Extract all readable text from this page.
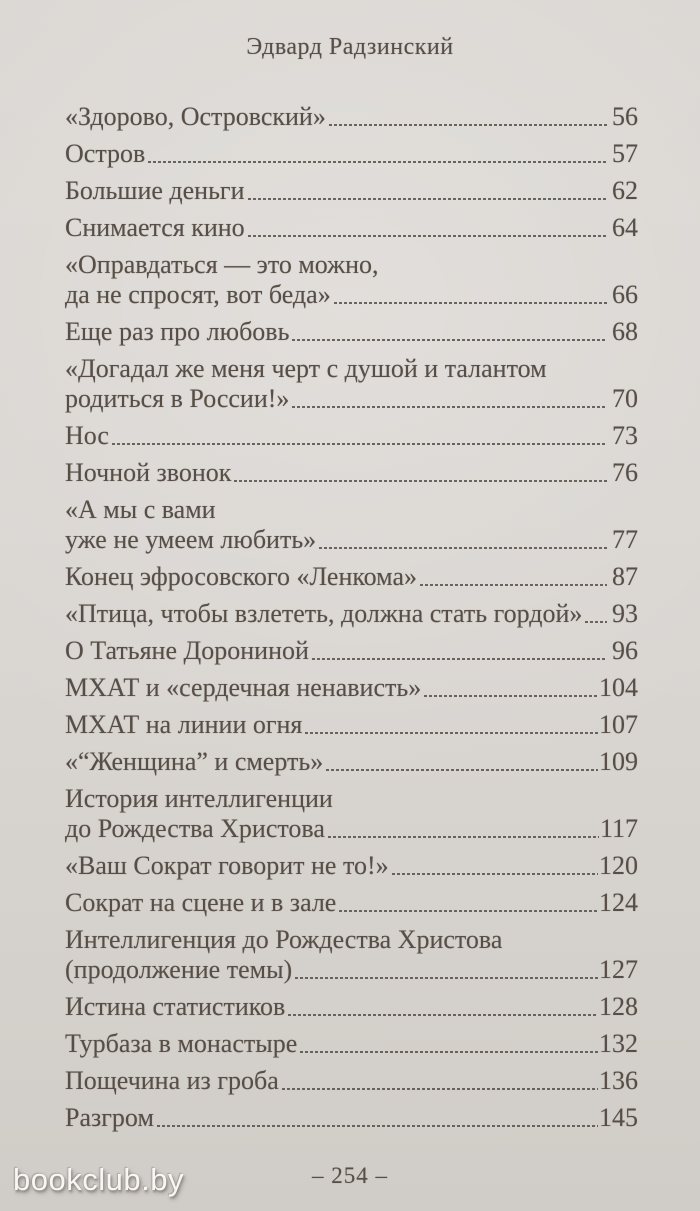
Эдвард Радзинский
«Здорово, Островский»	56
Остров	57
Большие деньги	62
Снимается кино	64
«Оправдаться — это можно,
да не спросят, вот беда»	66
Еще раз про любовь	68
«Догадал же меня черт с душой и талантом
родиться в России!»	70
Нос	73
Ночной звонок	76
«А мы с вами
уже не умеем любить»	77
Конец эфросовского «Ленкома»	87
«Птица, чтобы взлететь, должна стать гордой» 93
О Татьяне Дорониной	96
МХАТ и «сердечная ненависть»	104
МХАТ на линии огня	107
«“Женщина” и смерть»	109
История интеллигенции
до Рождества Христова	117
«Ваш Сократ говорит не то!»	120
Сократ на сцене и в зале	124
Интеллигенция до Рождества Христова
(продолжение темы)	127
Истина статистиков	128
Турбаза в монастыре	132
Пощечина из гроба	136
Разгром	145
– 254 –
bookclub.by
